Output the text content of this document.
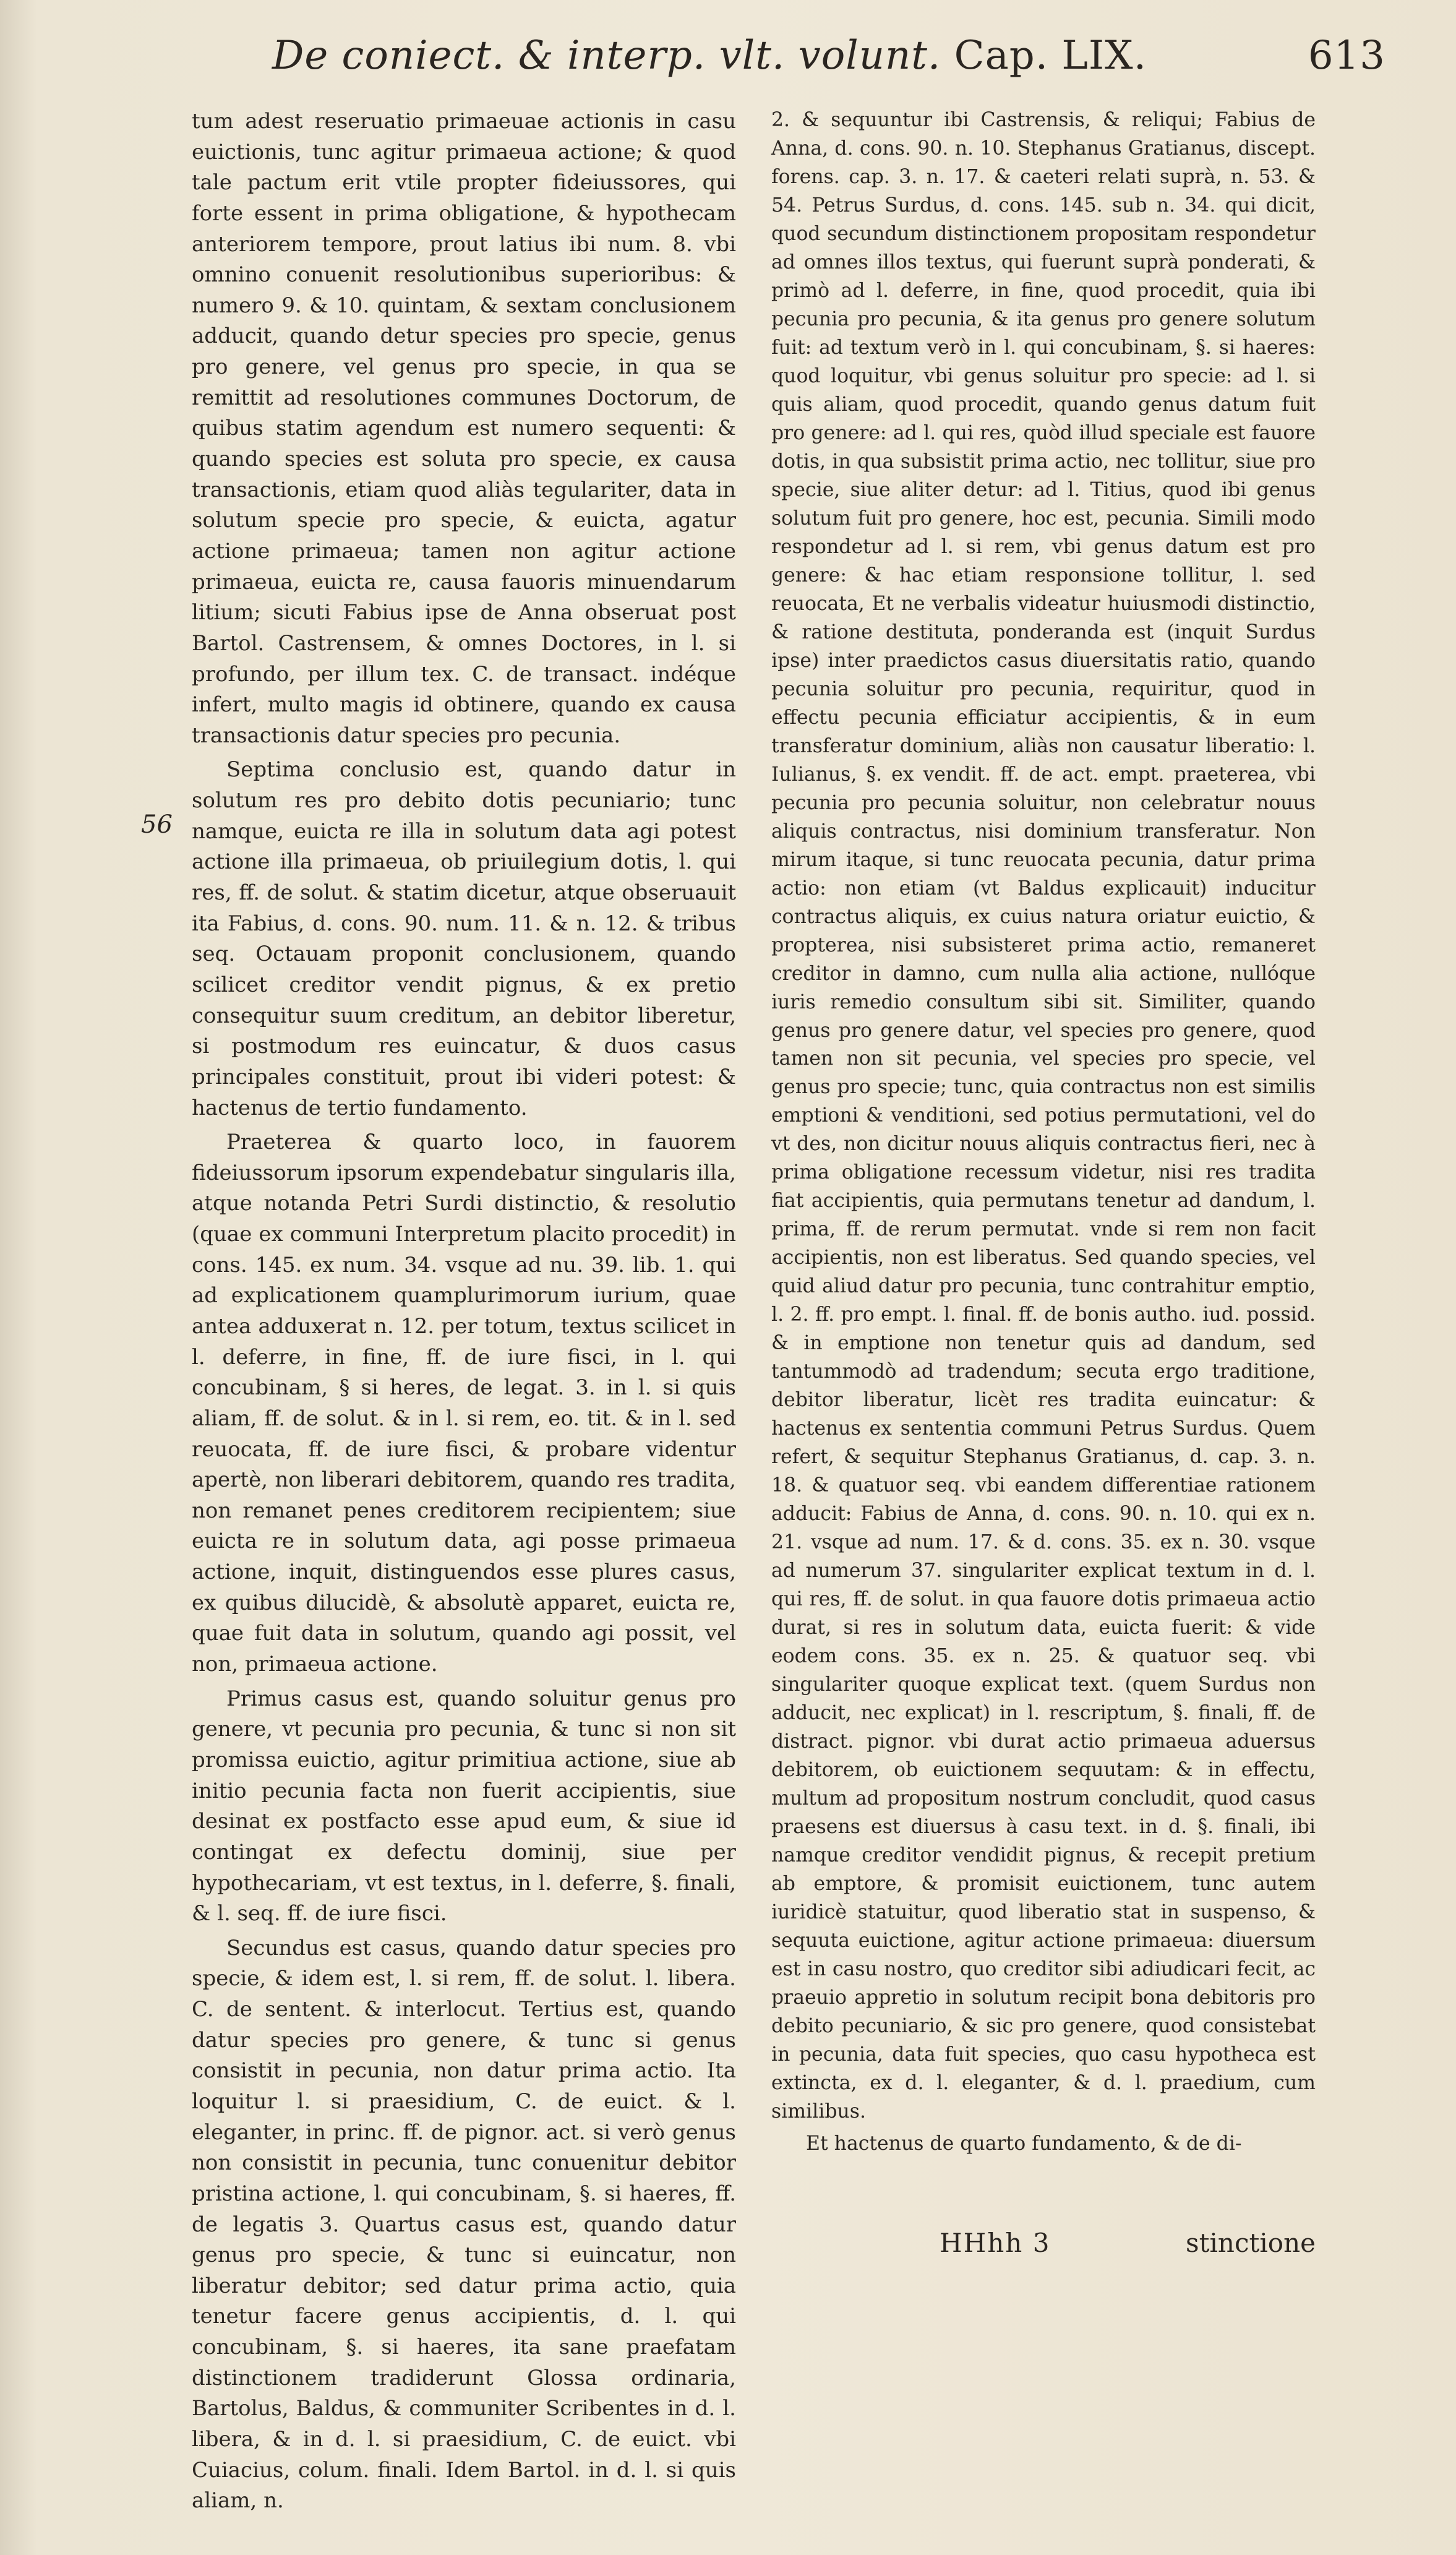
De coniect. & interp. vlt. volunt. Cap. LIX.	613
56

tum adest reseruatio primaeuae actionis in casu euictionis, tunc agitur primaeua actione; & quod tale pactum erit vtile propter fideiussores, qui forte essent in prima obligatione, & hypothecam anteriorem tempore, prout latius ibi num. 8. vbi omnino conuenit resolutionibus superioribus: & numero 9. & 10. quintam, & sextam conclusionem adducit, quando detur species pro specie, genus pro genere, vel genus pro specie, in qua se remittit ad resolutiones communes Doctorum, de quibus statim agendum est numero sequenti: & quando species est soluta pro specie, ex causa transactionis, etiam quod aliàs tegulariter, data in solutum specie pro specie, & euicta, agatur actione primaeua; tamen non agitur actione primaeua, euicta re, causa fauoris minuendarum litium; sicuti Fabius ipse de Anna obseruat post Bartol. Castrensem, & omnes Doctores, in l. si profundo, per illum tex. C. de transact. indéque infert, multo magis id obtinere, quando ex causa transactionis datur species pro pecunia.

Septima conclusio est, quando datur in solutum res pro debito dotis pecuniario; tunc namque, euicta re illa in solutum data agi potest actione illa primaeua, ob priuilegium dotis, l. qui res, ff. de solut. & statim dicetur, atque obseruauit ita Fabius, d. cons. 90. num. 11. & n. 12. & tribus seq. Octauam proponit conclusionem, quando scilicet creditor vendit pignus, & ex pretio consequitur suum creditum, an debitor liberetur, si postmodum res euincatur, & duos casus principales constituit, prout ibi videri potest: & hactenus de tertio fundamento.

Praeterea & quarto loco, in fauorem fideiussorum ipsorum expendebatur singularis illa, atque notanda Petri Surdi distinctio, & resolutio (quae ex communi Interpretum placito procedit) in cons. 145. ex num. 34. vsque ad nu. 39. lib. 1. qui ad explicationem quamplurimorum iurium, quae antea adduxerat n. 12. per totum, textus scilicet in l. deferre, in fine, ff. de iure fisci, in l. qui concubinam, § si heres, de legat. 3. in l. si quis aliam, ff. de solut. & in l. si rem, eo. tit. & in l. sed reuocata, ff. de iure fisci, & probare videntur apertè, non liberari debitorem, quando res tradita, non remanet penes creditorem recipientem; siue euicta re in solutum data, agi posse primaeua actione, inquit, distinguendos esse plures casus, ex quibus dilucidè, & absolutè apparet, euicta re, quae fuit data in solutum, quando agi possit, vel non, primaeua actione.

Primus casus est, quando soluitur genus pro genere, vt pecunia pro pecunia, & tunc si non sit promissa euictio, agitur primitiua actione, siue ab initio pecunia facta non fuerit accipientis, siue desinat ex postfacto esse apud eum, & siue id contingat ex defectu dominij, siue per hypothecariam, vt est textus, in l. deferre, §. finali, & l. seq. ff. de iure fisci.

Secundus est casus, quando datur species pro specie, & idem est, l. si rem, ff. de solut. l. libera. C. de sentent. & interlocut. Tertius est, quando datur species pro genere, & tunc si genus consistit in pecunia, non datur prima actio. Ita loquitur l. si praesidium, C. de euict. & l. eleganter, in princ. ff. de pignor. act. si verò genus non consistit in pecunia, tunc conuenitur debitor pristina actione, l. qui concubinam, §. si haeres, ff. de legatis 3. Quartus casus est, quando datur genus pro specie, & tunc si euincatur, non liberatur debitor; sed datur prima actio, quia tenetur facere genus accipientis, d. l. qui concubinam, §. si haeres, ita sane praefatam distinctionem tradiderunt Glossa ordinaria, Bartolus, Baldus, & communiter Scribentes in d. l. libera, & in d. l. si praesidium, C. de euict. vbi Cuiacius, colum. finali. Idem Bartol. in d. l. si quis aliam, n.

2. & sequuntur ibi Castrensis, & reliqui; Fabius de Anna, d. cons. 90. n. 10. Stephanus Gratianus, discept. forens. cap. 3. n. 17. & caeteri relati suprà, n. 53. & 54. Petrus Surdus, d. cons. 145. sub n. 34. qui dicit, quod secundum distinctionem propositam respondetur ad omnes illos textus, qui fuerunt suprà ponderati, & primò ad l. deferre, in fine, quod procedit, quia ibi pecunia pro pecunia, & ita genus pro genere solutum fuit: ad textum verò in l. qui concubinam, §. si haeres: quod loquitur, vbi genus soluitur pro specie: ad l. si quis aliam, quod procedit, quando genus datum fuit pro genere: ad l. qui res, quòd illud speciale est fauore dotis, in qua subsistit prima actio, nec tollitur, siue pro specie, siue aliter detur: ad l. Titius, quod ibi genus solutum fuit pro genere, hoc est, pecunia. Simili modo respondetur ad l. si rem, vbi genus datum est pro genere: & hac etiam responsione tollitur, l. sed reuocata, Et ne verbalis videatur huiusmodi distinctio, & ratione destituta, ponderanda est (inquit Surdus ipse) inter praedictos casus diuersitatis ratio, quando pecunia soluitur pro pecunia, requiritur, quod in effectu pecunia efficiatur accipientis, & in eum transferatur dominium, aliàs non causatur liberatio: l. Iulianus, §. ex vendit. ff. de act. empt. praeterea, vbi pecunia pro pecunia soluitur, non celebratur nouus aliquis contractus, nisi dominium transferatur. Non mirum itaque, si tunc reuocata pecunia, datur prima actio: non etiam (vt Baldus explicauit) inducitur contractus aliquis, ex cuius natura oriatur euictio, & propterea, nisi subsisteret prima actio, remaneret creditor in damno, cum nulla alia actione, nullóque iuris remedio consultum sibi sit. Similiter, quando genus pro genere datur, vel species pro genere, quod tamen non sit pecunia, vel species pro specie, vel genus pro specie; tunc, quia contractus non est similis emptioni & venditioni, sed potius permutationi, vel do vt des, non dicitur nouus aliquis contractus fieri, nec à prima obligatione recessum videtur, nisi res tradita fiat accipientis, quia permutans tenetur ad dandum, l. prima, ff. de rerum permutat. vnde si rem non facit accipientis, non est liberatus. Sed quando species, vel quid aliud datur pro pecunia, tunc contrahitur emptio, l. 2. ff. pro empt. l. final. ff. de bonis autho. iud. possid. & in emptione non tenetur quis ad dandum, sed tantummodò ad tradendum; secuta ergo traditione, debitor liberatur, licèt res tradita euincatur: & hactenus ex sententia communi Petrus Surdus. Quem refert, & sequitur Stephanus Gratianus, d. cap. 3. n. 18. & quatuor seq. vbi eandem differentiae rationem adducit: Fabius de Anna, d. cons. 90. n. 10. qui ex n. 21. vsque ad num. 17. & d. cons. 35. ex n. 30. vsque ad numerum 37. singulariter explicat textum in d. l. qui res, ff. de solut. in qua fauore dotis primaeua actio durat, si res in solutum data, euicta fuerit: & vide eodem cons. 35. ex n. 25. & quatuor seq. vbi singulariter quoque explicat text. (quem Surdus non adducit, nec explicat) in l. rescriptum, §. finali, ff. de distract. pignor. vbi durat actio primaeua aduersus debitorem, ob euictionem sequutam: & in effectu, multum ad propositum nostrum concludit, quod casus praesens est diuersus à casu text. in d. §. finali, ibi namque creditor vendidit pignus, & recepit pretium ab emptore, & promisit euictionem, tunc autem iuridicè statuitur, quod liberatio stat in suspenso, & sequuta euictione, agitur actione primaeua: diuersum est in casu nostro, quo creditor sibi adiudicari fecit, ac praeuio appretio in solutum recipit bona debitoris pro debito pecuniario, & sic pro genere, quod consistebat in pecunia, data fuit species, quo casu hypotheca est extincta, ex d. l. eleganter, & d. l. praedium, cum similibus.

Et hactenus de quarto fundamento, & de di-

HHhh 3	stinctione
